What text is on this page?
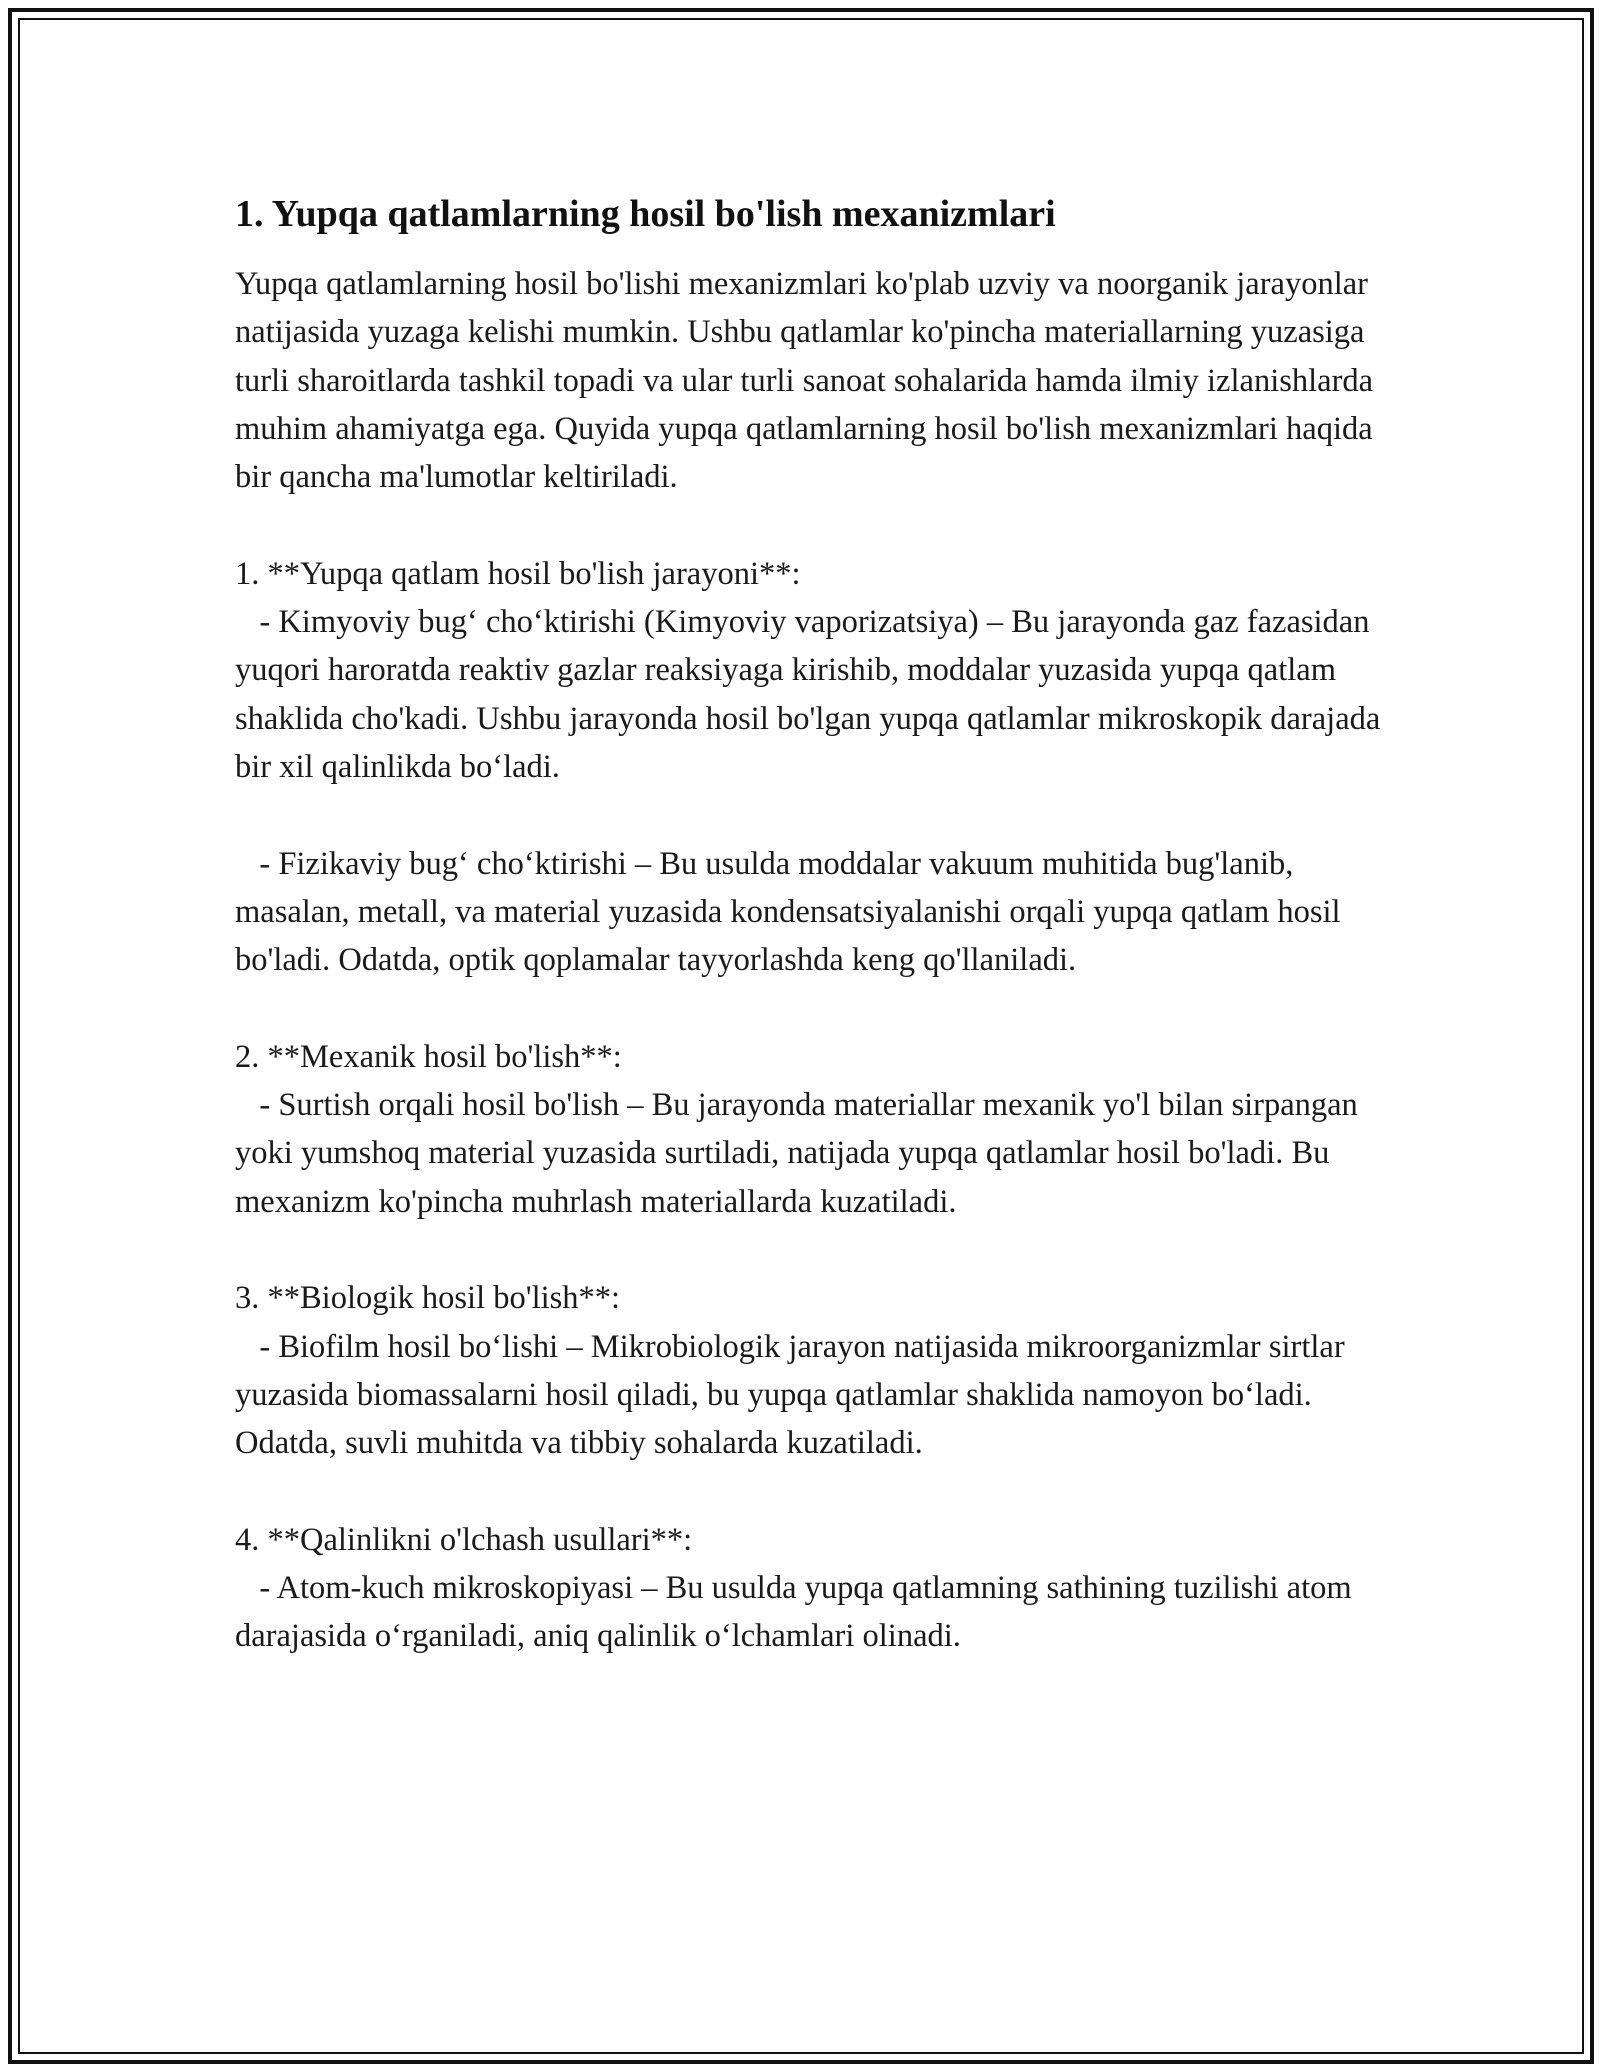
1. Yupqa qatlamlarning hosil bo'lish mexanizmlari

Yupqa qatlamlarning hosil bo'lishi mexanizmlari ko'plab uzviy va noorganik jarayonlar natijasida yuzaga kelishi mumkin. Ushbu qatlamlar ko'pincha materiallarning yuzasiga turli sharoitlarda tashkil topadi va ular turli sanoat sohalarida hamda ilmiy izlanishlarda muhim ahamiyatga ega. Quyida yupqa qatlamlarning hosil bo'lish mexanizmlari haqida bir qancha ma'lumotlar keltiriladi.

1. **Yupqa qatlam hosil bo'lish jarayoni**:

- Kimyoviy bug‘ cho‘ktirishi (Kimyoviy vaporizatsiya) – Bu jarayonda gaz fazasidan yuqori haroratda reaktiv gazlar reaksiyaga kirishib, moddalar yuzasida yupqa qatlam shaklida cho'kadi. Ushbu jarayonda hosil bo'lgan yupqa qatlamlar mikroskopik darajada bir xil qalinlikda bo‘ladi.

- Fizikaviy bug‘ cho‘ktirishi – Bu usulda moddalar vakuum muhitida bug'lanib, masalan, metall, va material yuzasida kondensatsiyalanishi orqali yupqa qatlam hosil bo'ladi. Odatda, optik qoplamalar tayyorlashda keng qo'llaniladi.

2. **Mexanik hosil bo'lish**:

- Surtish orqali hosil bo'lish – Bu jarayonda materiallar mexanik yo'l bilan sirpangan yoki yumshoq material yuzasida surtiladi, natijada yupqa qatlamlar hosil bo'ladi. Bu mexanizm ko'pincha muhrlash materiallarda kuzatiladi.

3. **Biologik hosil bo'lish**:

- Biofilm hosil bo‘lishi – Mikrobiologik jarayon natijasida mikroorganizmlar sirtlar yuzasida biomassalarni hosil qiladi, bu yupqa qatlamlar shaklida namoyon bo‘ladi. Odatda, suvli muhitda va tibbiy sohalarda kuzatiladi.

4. **Qalinlikni o'lchash usullari**:

- Atom-kuch mikroskopiyasi – Bu usulda yupqa qatlamning sathining tuzilishi atom darajasida o‘rganiladi, aniq qalinlik o‘lchamlari olinadi.
